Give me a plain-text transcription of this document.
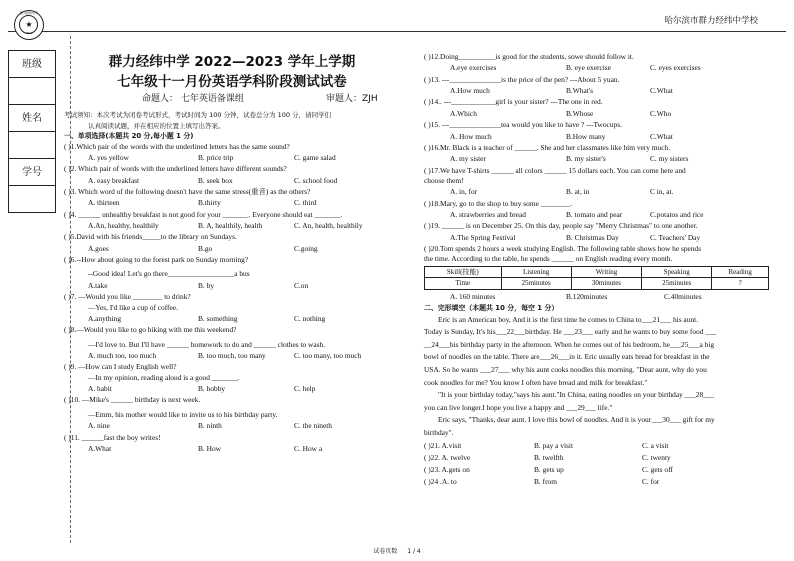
哈尔滨市群力经纬中学校
群力经纬中学
★
2013
班级
姓名
学号
群力经纬中学 2022—2023 学年上学期
七年级十一月份英语学科阶段测试试卷
命题人： 七年英语备课组	审题人：ZJH
考试须知：本次考试为闭卷考试形式，考试时间为 100 分钟，试卷总分为 100 分，请同学们
认真阅读试题，并在相应的位置上填写出答案。
一、单项选择(本题共 20 分,每小题 1 分)
( )1.Which pair of the words with the underlined letters has the same sound?
A. yes yellow	B. price trip	C. game salad
( )2. Which pair of words with the underlined letters have different sounds?
A. easy breakfast	B. seek box	C. school food
( )3. Which word of the following doesn't have the same stress(重音) as the others?
A. thirteen	B.thirty	C. third
( )4. ______ unhealthy breakfast is not good for your _______. Everyone should eat _______.
A.An, healthy, healthily	B. A, healthily, health	C. An, health, healthily
( )5.David with his friends_____to the library on Sundays.
A.goes	B.go	C.going
( )6.--How about going to the forest park on Sunday morning?
--Good idea! Let's go there__________________a bus
A.take	B. by	C.on
( )7. —Would you like ________ to drink?
—Yes, I'd like a cup of coffee.
A.anything	B. something	C. nothing
( )8.—Would you like to go hiking with me this weekend?
—I'd love to. But I'll have ______ homework to do and ______ clothes to wash.
A. much too, too much	B. too much, too many	C. too many, too much
( )9. —How can I study English well?
—In my opinion, reading aloud is a good _______.
A. habit	B. hobby	C. help
( )10. —Mike's ______ birthday is next week.
—Emm, his mother would like to invite us to his birthday party.
A. nine	B. ninth	C. the nineth
( )11. ______fast the boy writes!
A.What	B. How	C. How a
( )12.Doing__________is good for the students, sowe should follow it.
A.eye exercises	B. eye exercise	C. eyes exercises
( )13. ---______________is the price of the pen? ---About 5 yuan.
A.How much	B.What's	C.What
( )14.. ---____________girl is your sister? ---The one in red.
A.Which	B.Whose	C.Who
( )15. ---______________tea would you like to have ? ---Twocups.
A. How much	B.How many	C.What
( )16.Mr. Black is a teacher of ______. She and her classmates like him very much.
A. my sister	B. my sister's	C. my sisters
( )17.We have T-shirts ______ all colors ______ 15 dollars each. You can come here and
choose them!
A. in, for	B. at, in	C in, at.
( )18.Mary, go to the shop to buy some ________.
A. strawberries and bread	B. tomato and pear	C.potatos and rice
( )19. ______ is on December 25. On this day, people say "Merry Christmas" to one another.
A.The Spring Festival	B. Christmas Day	C. Teachers' Day
( )20.Tom spends 2 hours a week studying English. The following table shows how he spends
the time. According to the table, he spends ______ on English reading every month.
Skill(技能)	Listening	Writing	Speaking	Reading
Time	25minutes	30minutes	25minutes	?
A. 160 minutes	B.120minutes	C.40minutes
二、完形填空（本题共 10 分，每空 1 分）
Eric is an American boy, And it is the first time he comes to China to___21___ his aunt.
Today is Sunday, It's his___22___birthday. He ___23___ early and he wants to buy some food ___
__24___his birthday party in the afternoon. When he comes out of his bedroom, he___25___a big
bowl of noodles on the table. There are___26___in it. Eric usually eats bread for breakfast in the
USA. So he wants ___27___ why his aunt cooks noodles this morning. "Dear aunt, why do you
cook noodles for me? You know I often have bread and milk for breakfast."
"It is your birthday today,"says his aunt."In China, eating noodles on your birthday ___28___
you can live longer.I hope you live a happy and ___29___ life."
Eric says, "Thanks, dear aunt. I love this bowl of noodles. And it is your___30___ gift for my
birthday".
( )21. A.visit	B. pay a visit	C. a visit
( )22. A. twelve	B. twelfth	C. twenty
( )23. A.gets on	B. gets up	C. gets off
( )24 .A. to	B. from	C. for
试卷页数 1 / 4
